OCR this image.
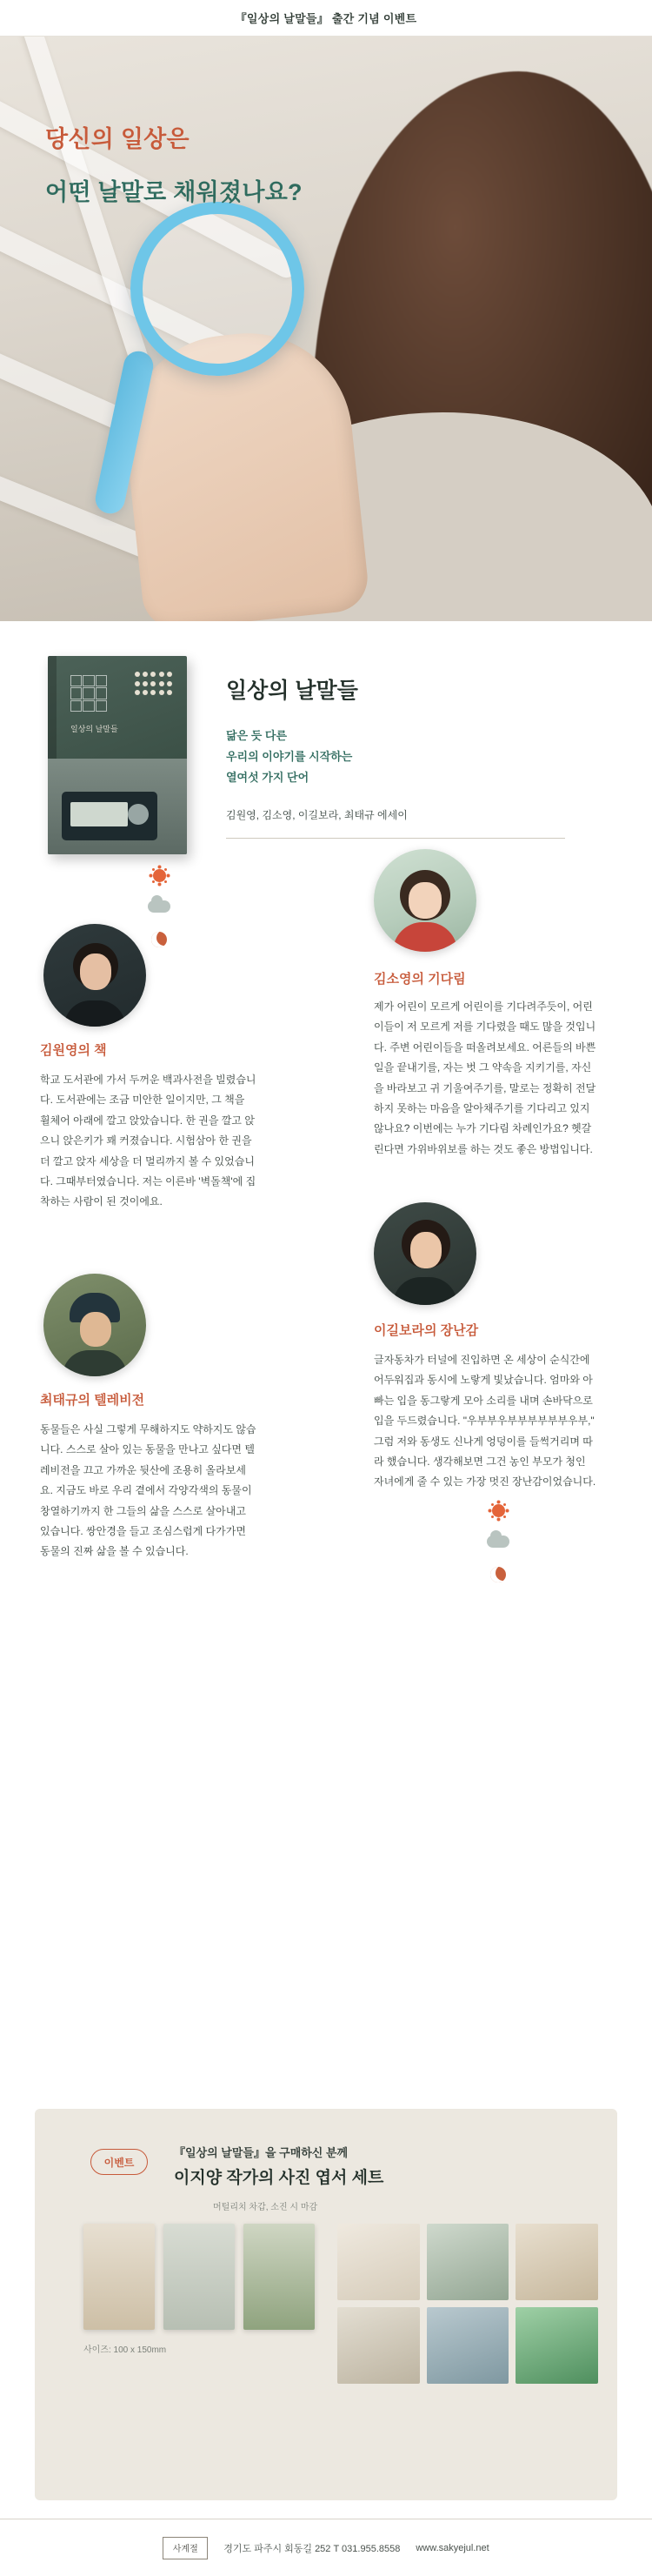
『일상의 날말들』 출간 기념 이벤트
당신의 일상은
어떤 날말로 채워졌나요?
일상의 날말들
일상의 날말들

닮은 듯 다른

우리의 이야기를 시작하는

열여섯 가지 단어

김원영, 김소영, 이길보라, 최태규 에세이
김소영의 기다림
제가 어린이 모르게 어린이를 기다려주듯이, 어린이들이 저 모르게 저를 기다렸을 때도 많을 것입니다. 주변 어린이들을 떠올려보세요. 어른들의 바쁜 일을 끝내기를, 자는 벗 그 약속을 지키기를, 자신을 바라보고 귀 기울여주기를, 말로는 정확히 전달하지 못하는 마음을 알아채주기를 기다리고 있지 않나요? 이번에는 누가 기다림 차례인가요? 헷갈린다면 가위바위보를 하는 것도 좋은 방법입니다.
김원영의 책
학교 도서관에 가서 두꺼운 백과사전을 빌렸습니다. 도서관에는 조금 미안한 일이지만, 그 책을 휠체어 아래에 깔고 앉았습니다. 한 권을 깔고 앉으니 앉은키가 꽤 커졌습니다. 시험삼아 한 권을 더 깔고 앉자 세상을 더 멀리까지 볼 수 있었습니다. 그때부터였습니다. 저는 이른바 '벽돌책'에 집착하는 사람이 된 것이에요.
이길보라의 장난감
글자동차가 터널에 진입하면 온 세상이 순식간에 어두워집과 동시에 노랗게 빛났습니다. 엄마와 아빠는 입을 동그랗게 모아 소리를 내며 손바닥으로 입을 두드렸습니다. "우부부우부부부부부부우부," 그럼 저와 동생도 신나게 엉덩이를 들썩거리며 따라 했습니다. 생각해보면 그건 농인 부모가 청인 자녀에게 줄 수 있는 가장 멋진 장난감이었습니다.
최태규의 텔레비전
동물들은 사실 그렇게 무해하지도 약하지도 않습니다. 스스로 살아 있는 동물을 만나고 싶다면 텔레비전을 끄고 가까운 뒷산에 조용히 올라보세요. 지금도 바로 우리 곁에서 각양각색의 동물이 창열하기까지 한 그들의 삶을 스스로 살아내고 있습니다. 쌍안경을 들고 조심스럽게 다가가면 동물의 진짜 삶을 볼 수 있습니다.
이벤트
『일상의 날말들』을 구매하신 분께
이지양 작가의 사진 엽서 세트
머털리치 차갑, 소진 시 마감
사이즈: 100 x 150mm
사계절	경기도 파주시 회동길 252 T 031.955.8558 www.sakyejul.net
